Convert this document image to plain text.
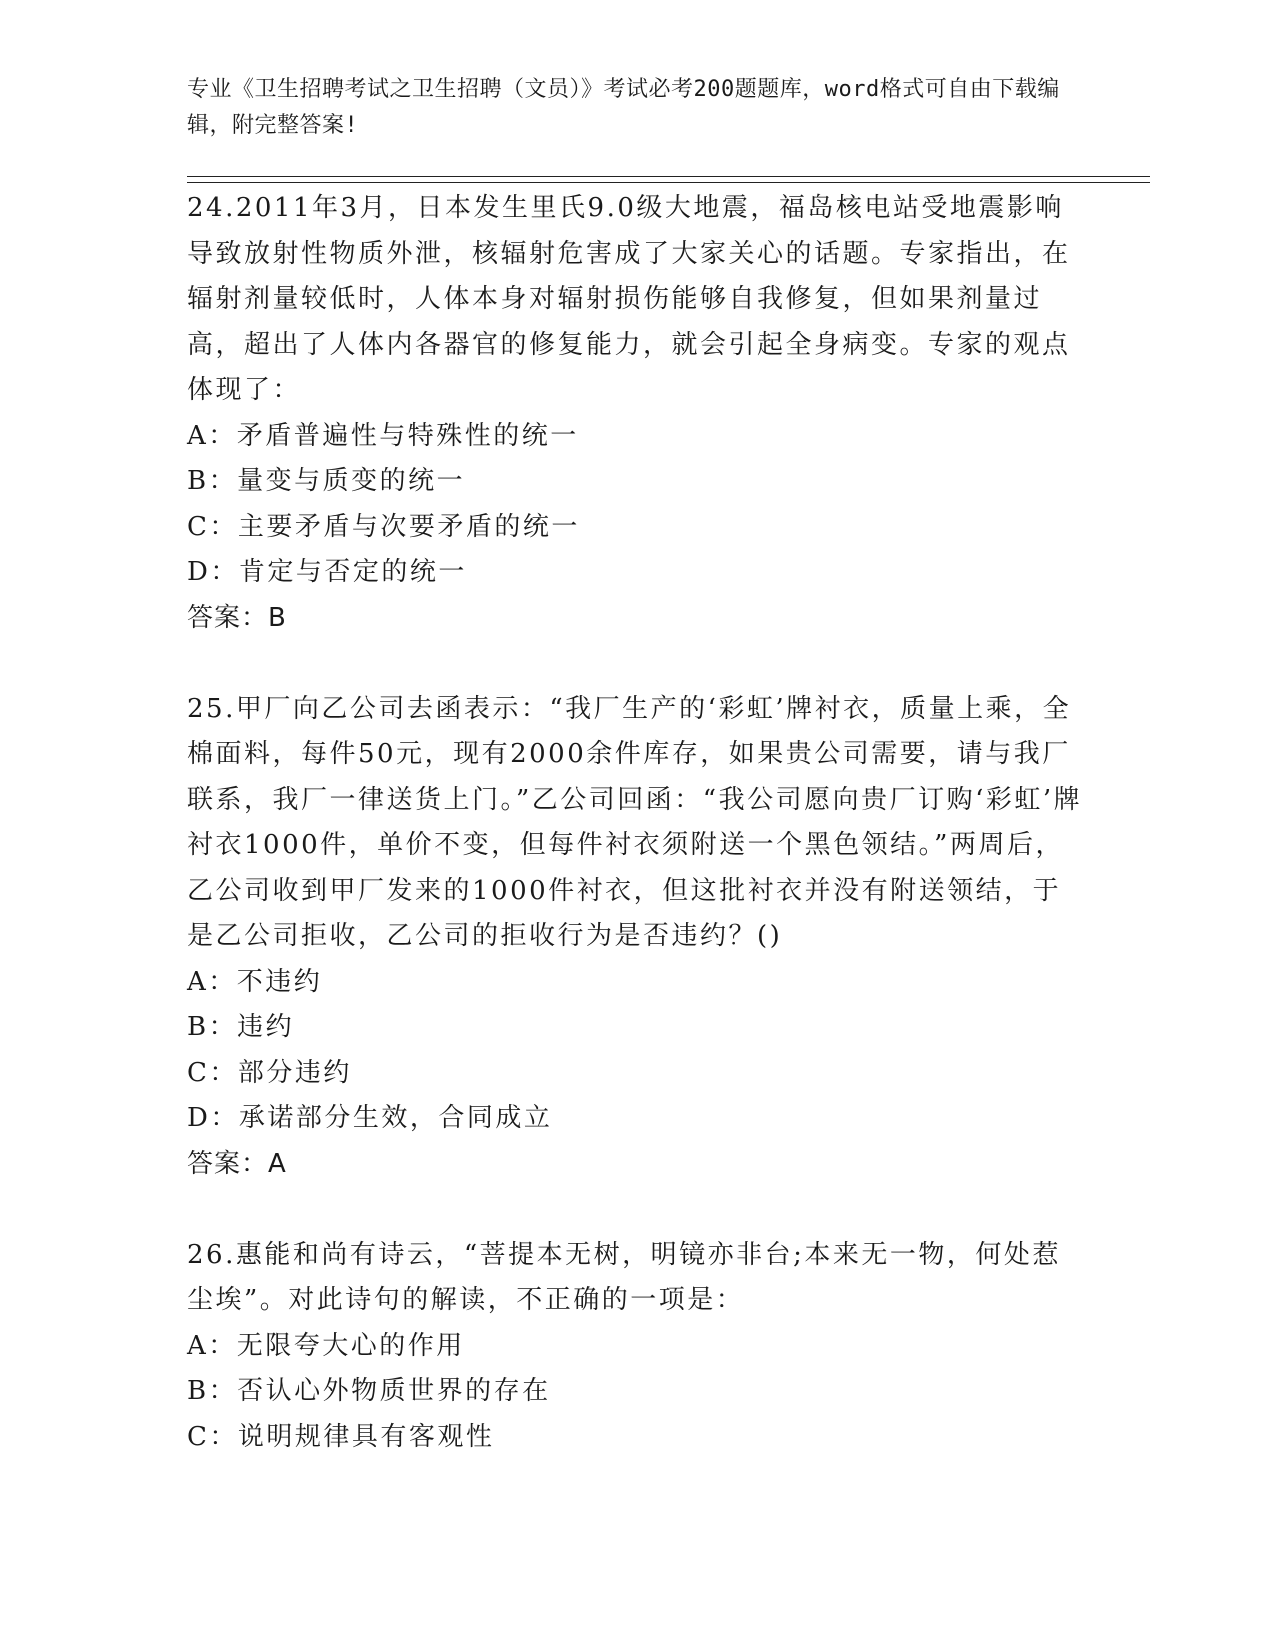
专业《卫生招聘考试之卫生招聘（文员）》考试必考200题题库，word格式可自由下载编辑，附完整答案!

24.2011年3月，日本发生里氏9.0级大地震，福岛核电站受地震影响导致放射性物质外泄，核辐射危害成了大家关心的话题。专家指出，在辐射剂量较低时，人体本身对辐射损伤能够自我修复，但如果剂量过高，超出了人体内各器官的修复能力，就会引起全身病变。专家的观点体现了：

A：矛盾普遍性与特殊性的统一

B：量变与质变的统一

C：主要矛盾与次要矛盾的统一

D：肯定与否定的统一

答案：B

25.甲厂向乙公司去函表示：“我厂生产的‘彩虹’牌衬衣，质量上乘，全棉面料，每件50元，现有2000余件库存，如果贵公司需要，请与我厂联系，我厂一律送货上门。”乙公司回函：“我公司愿向贵厂订购‘彩虹’牌衬衣1000件，单价不变，但每件衬衣须附送一个黑色领结。”两周后，乙公司收到甲厂发来的1000件衬衣，但这批衬衣并没有附送领结，于是乙公司拒收，乙公司的拒收行为是否违约？()

A：不违约

B：违约

C：部分违约

D：承诺部分生效，合同成立

答案：A

26.惠能和尚有诗云，“菩提本无树，明镜亦非台;本来无一物，何处惹尘埃”。对此诗句的解读，不正确的一项是：

A：无限夸大心的作用

B：否认心外物质世界的存在

C：说明规律具有客观性
